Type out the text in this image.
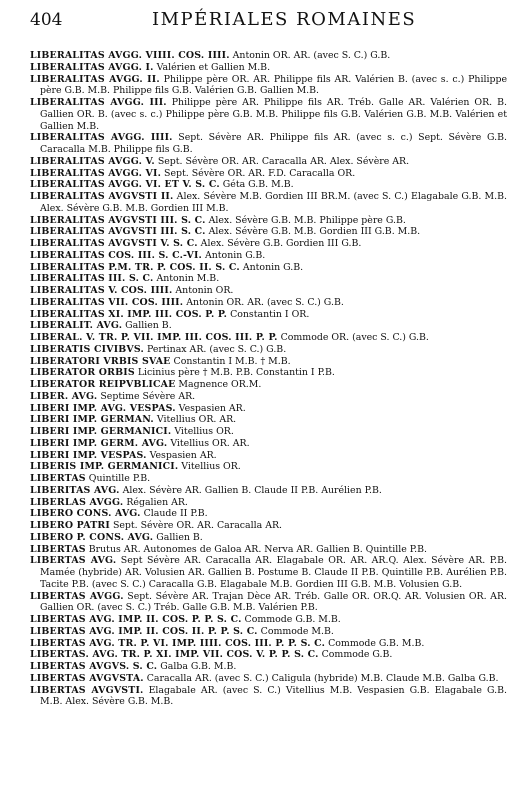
404	IMPÉRIALES ROMAINES

LIBERALITAS AVGG. VIIII. COS. IIII. Antonin OR. AR. (avec S. C.) G.B.

LIBERALITAS AVGG. I. Valérien et Gallien M.B.

LIBERALITAS AVGG. II. Philippe père OR. AR. Philippe fils AR. Valérien B. (avec s. c.) Philippe père G.B. M.B. Philippe fils G.B. Valérien G.B. Gallien M.B.

LIBERALITAS AVGG. III. Philippe père AR. Philippe fils AR. Tréb. Galle AR. Valérien OR. B. Gallien OR. B. (avec s. c.) Philippe père G.B. M.B. Philippe fils G.B. Valérien G.B. M.B. Valérien et Gallien M.B.

LIBERALITAS AVGG. IIII. Sept. Sévère AR. Philippe fils AR. (avec s. c.) Sept. Sévère G.B. Caracalla M.B. Philippe fils G.B.

LIBERALITAS AVGG. V. Sept. Sévère OR. AR. Caracalla AR. Alex. Sévère AR.

LIBERALITAS AVGG. VI. Sept. Sévère OR. AR. F.D. Caracalla OR.

LIBERALITAS AVGG. VI. ET V. S. C. Géta G.B. M.B.

LIBERALITAS AVGVSTI II. Alex. Sévère M.B. Gordien III BR.M. (avec S. C.) Elagabale G.B. M.B. Alex. Sévère G.B. M.B. Gordien III M.B.

LIBERALITAS AVGVSTI III. S. C. Alex. Sévère G.B. M.B. Philippe père G.B.

LIBERALITAS AVGVSTI III. S. C. Alex. Sévère G.B. M.B. Gordien III G.B. M.B.

LIBERALITAS AVGVSTI V. S. C. Alex. Sévère G.B. Gordien III G.B.

LIBERALITAS COS. III. S. C.-VI. Antonin G.B.

LIBERALITAS P.M. TR. P. COS. II. S. C. Antonin G.B.

LIBERALITAS III. S. C. Antonin M.B.

LIBERALITAS V. COS. IIII. Antonin OR.

LIBERALITAS VII. COS. IIII. Antonin OR. AR. (avec S. C.) G.B.

LIBERALITAS XI. IMP. III. COS. P. P. Constantin I OR.

LIBERALIT. AVG. Gallien B.

LIBERAL. V. TR. P. VII. IMP. III. COS. III. P. P. Commode OR. (avec S. C.) G.B.

LIBERATIS CIVIBVS. Pertinax AR. (avec S. C.) G.B.

LIBERATORI VRBIS SVAE Constantin I M.B. † M.B.

LIBERATOR ORBIS Licinius père † M.B. P.B. Constantin I P.B.

LIBERATOR REIPVBLICAE Magnence OR.M.

LIBER. AVG. Septime Sévère AR.

LIBERI IMP. AVG. VESPAS. Vespasien AR.

LIBERI IMP. GERMAN. Vitellius OR. AR.

LIBERI IMP. GERMANICI. Vitellius OR.

LIBERI IMP. GERM. AVG. Vitellius OR. AR.

LIBERI IMP. VESPAS. Vespasien AR.

LIBERIS IMP. GERMANICI. Vitellius OR.

LIBERTAS Quintille P.B.

LIBERITAS AVG. Alex. Sévère AR. Gallien B. Claude II P.B. Aurélien P.B.

LIBERLAS AVGG. Régalien AR.

LIBERO CONS. AVG. Claude II P.B.

LIBERO PATRI Sept. Sévère OR. AR. Caracalla AR.

LIBERO P. CONS. AVG. Gallien B.

LIBERTAS Brutus AR. Autonomes de Galoa AR. Nerva AR. Gallien B. Quintille P.B.

LIBERTAS AVG. Sept Sévère AR. Caracalla AR. Elagabale OR. AR. AR.Q. Alex. Sévère AR. P.B. Mamée (hybride) AR. Volusien AR. Gallien B. Postume B. Claude II P.B. Quintille P.B. Aurélien P.B. Tacite P.B. (avec S. C.) Caracalla G.B. Elagabale M.B. Gordien III G.B. M.B. Volusien G.B.

LIBERTAS AVGG. Sept. Sévère AR. Trajan Dèce AR. Tréb. Galle OR. OR.Q. AR. Volusien OR. AR. Gallien OR. (avec S. C.) Tréb. Galle G.B. M.B. Valérien P.B.

LIBERTAS AVG. IMP. II. COS. P. P. S. C. Commode G.B. M.B.

LIBERTAS AVG. IMP. II. COS. II. P. P. S. C. Commode M.B.

LIBERTAS AVG. TR. P. VI. IMP. IIII. COS. III. P. P. S. C. Commode G.B. M.B.

LIBERTAS. AVG. TR. P. XI. IMP. VII. COS. V. P. P. S. C. Commode G.B.

LIBERTAS AVGVS. S. C. Galba G.B. M.B.

LIBERTAS AVGVSTA. Caracalla AR. (avec S. C.) Caligula (hybride) M.B. Claude M.B. Galba G.B.

LIBERTAS AVGVSTI. Elagabale AR. (avec S. C.) Vitellius M.B. Vespasien G.B. Elagabale G.B. M.B. Alex. Sévère G.B. M.B.
